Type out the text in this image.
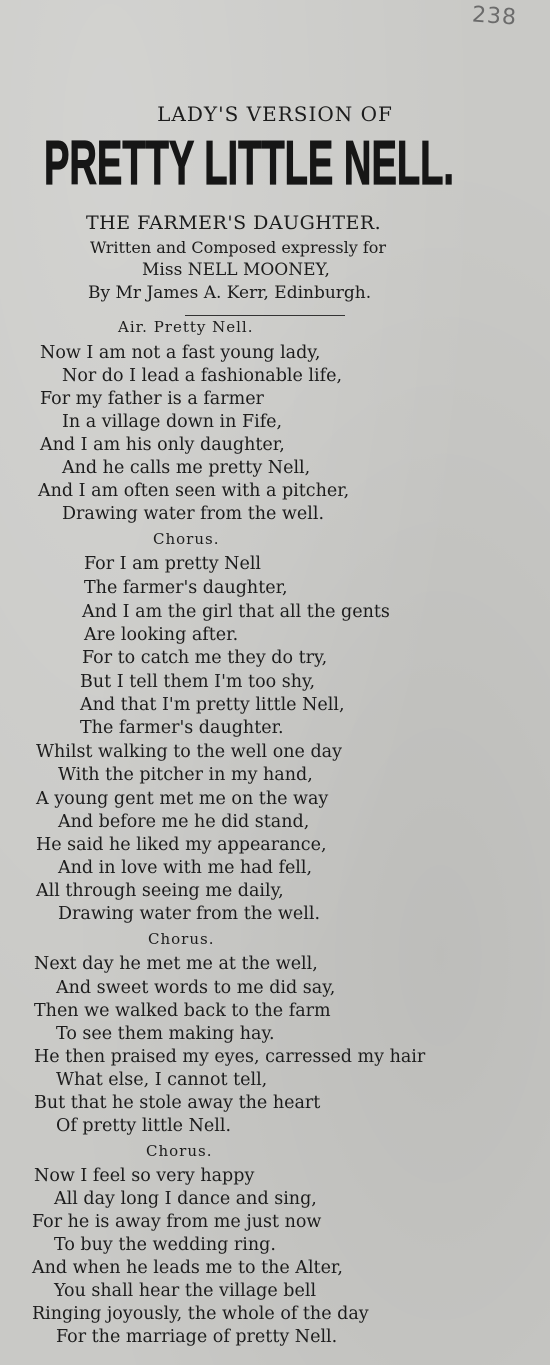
238
LADY'S VERSION OF
PRETTY LITTLE NELL.
THE FARMER'S DAUGHTER.
Written and Composed expressly for
Miss NELL MOONEY,
By Mr James A. Kerr, Edinburgh.
Air. Pretty Nell.
Now I am not a fast young lady,
Nor do I lead a fashionable life,
For my father is a farmer
In a village down in Fife,
And I am his only daughter,
And he calls me pretty Nell,
And I am often seen with a pitcher,
Drawing water from the well.
Chorus.
For I am pretty Nell
The farmer's daughter,
And I am the girl that all the gents
Are looking after.
For to catch me they do try,
But I tell them I'm too shy,
And that I'm pretty little Nell,
The farmer's daughter.
Whilst walking to the well one day
With the pitcher in my hand,
A young gent met me on the way
And before me he did stand,
He said he liked my appearance,
And in love with me had fell,
All through seeing me daily,
Drawing water from the well.
Chorus.
Next day he met me at the well,
And sweet words to me did say,
Then we walked back to the farm
To see them making hay.
He then praised my eyes, carressed my hair
What else, I cannot tell,
But that he stole away the heart
Of pretty little Nell.
Chorus.
Now I feel so very happy
All day long I dance and sing,
For he is away from me just now
To buy the wedding ring.
And when he leads me to the Alter,
You shall hear the village bell
Ringing joyously, the whole of the day
For the marriage of pretty Nell.
